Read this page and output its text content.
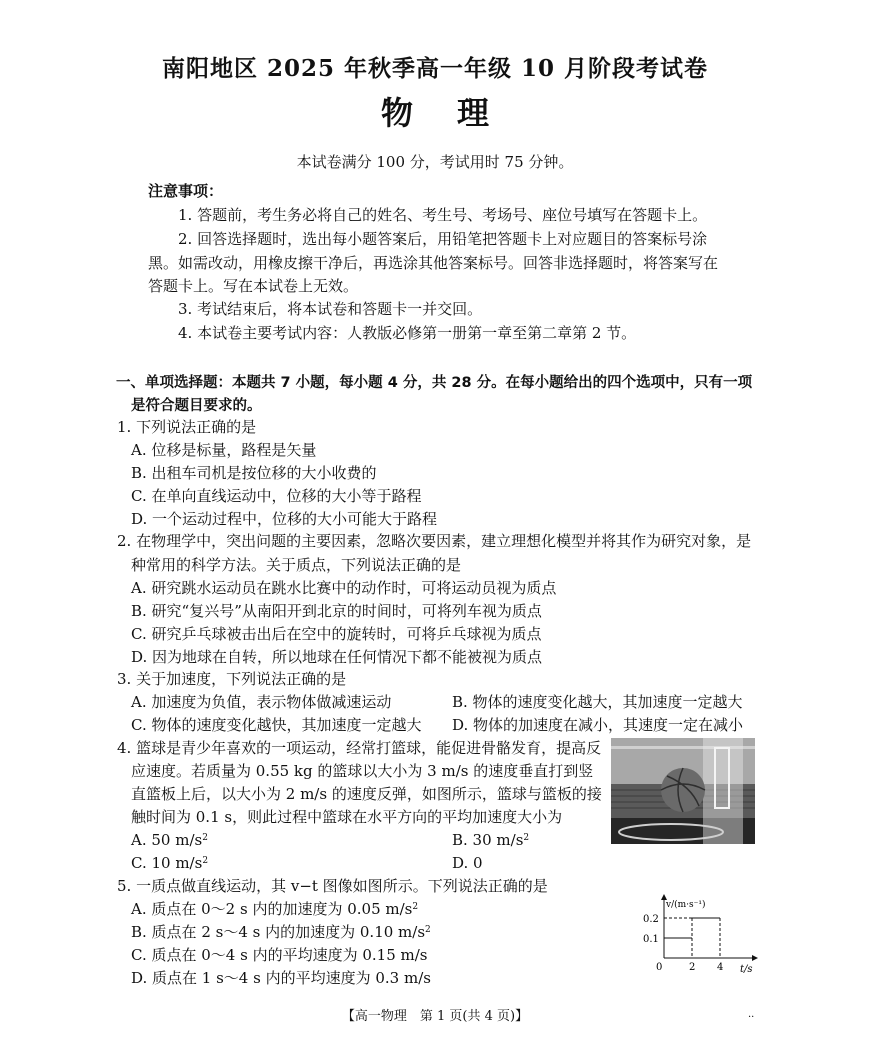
南阳地区 2025 年秋季高一年级 10 月阶段考试卷
物理
本试卷满分 100 分，考试用时 75 分钟。
注意事项：
1. 答题前，考生务必将自己的姓名、考生号、考场号、座位号填写在答题卡上。
2. 回答选择题时，选出每小题答案后，用铅笔把答题卡上对应题目的答案标号涂
黑。如需改动，用橡皮擦干净后，再选涂其他答案标号。回答非选择题时，将答案写在
答题卡上。写在本试卷上无效。
3. 考试结束后，将本试卷和答题卡一并交回。
4. 本试卷主要考试内容：人教版必修第一册第一章至第二章第 2 节。
一、单项选择题：本题共 7 小题，每小题 4 分，共 28 分。在每小题给出的四个选项中，只有一项
是符合题目要求的。
1. 下列说法正确的是
A. 位移是标量，路程是矢量
B. 出租车司机是按位移的大小收费的
C. 在单向直线运动中，位移的大小等于路程
D. 一个运动过程中，位移的大小可能大于路程
2. 在物理学中，突出问题的主要因素，忽略次要因素，建立理想化模型并将其作为研究对象，是
种常用的科学方法。关于质点，下列说法正确的是
A. 研究跳水运动员在跳水比赛中的动作时，可将运动员视为质点
B. 研究“复兴号”从南阳开到北京的时间时，可将列车视为质点
C. 研究乒乓球被击出后在空中的旋转时，可将乒乓球视为质点
D. 因为地球在自转，所以地球在任何情况下都不能被视为质点
3. 关于加速度，下列说法正确的是
A. 加速度为负值，表示物体做减速运动	B. 物体的速度变化越大，其加速度一定越大
C. 物体的速度变化越快，其加速度一定越大 D. 物体的加速度在减小，其速度一定在减小
4. 篮球是青少年喜欢的一项运动，经常打篮球，能促进骨骼发育，提高反
应速度。若质量为 0.55 kg 的篮球以大小为 3 m/s 的速度垂直打到竖
直篮板上后，以大小为 2 m/s 的速度反弹，如图所示，篮球与篮板的接
触时间为 0.1 s，则此过程中篮球在水平方向的平均加速度大小为
A. 50 $m/s^2$	B. 30 $m/s^2$
C. 10 $m/s^2$	D. 0
5. 一质点做直线运动，其 v−t 图像如图所示。下列说法正确的是
A. 质点在 0～2 s 内的加速度为 0.05 $m/s^2$
B. 质点在 2 s～4 s 内的加速度为 0.10 $m/s^2$
C. 质点在 0～4 s 内的平均速度为 0.15 m/s
D. 质点在 1 s～4 s 内的平均速度为 0.3 m/s
v/(m·s⁻¹)
0.2
0.1
0	2 4 t/s
【高一物理　第 1 页(共 4 页)】	··
